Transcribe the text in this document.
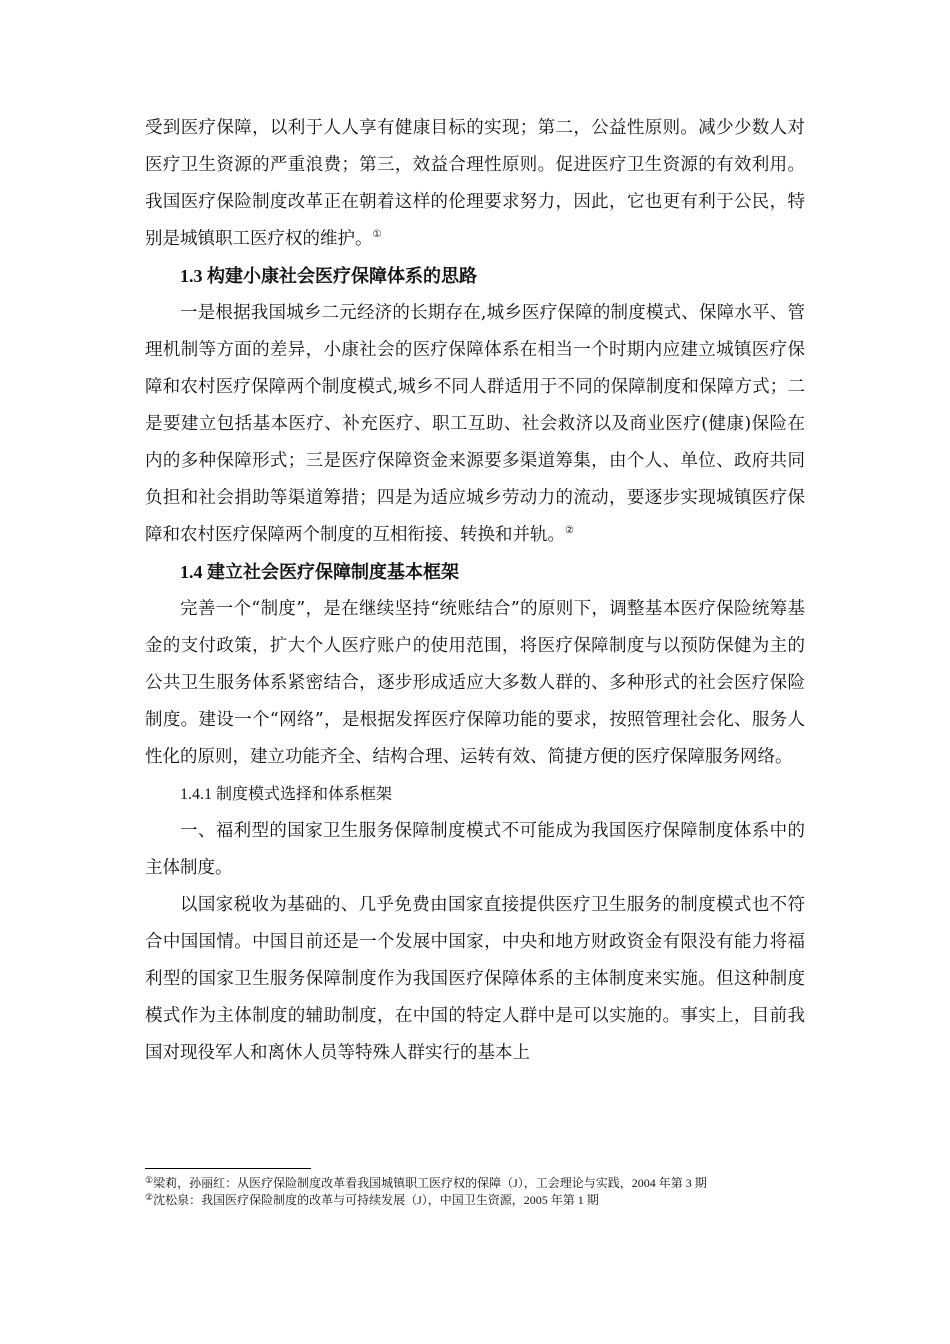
受到医疗保障，以利于人人享有健康目标的实现；第二，公益性原则。减少少数人对医疗卫生资源的严重浪费；第三，效益合理性原则。促进医疗卫生资源的有效利用。我国医疗保险制度改革正在朝着这样的伦理要求努力，因此，它也更有利于公民，特别是城镇职工医疗权的维护。①

1.3 构建小康社会医疗保障体系的思路

一是根据我国城乡二元经济的长期存在,城乡医疗保障的制度模式、保障水平、管理机制等方面的差异，小康社会的医疗保障体系在相当一个时期内应建立城镇医疗保障和农村医疗保障两个制度模式,城乡不同人群适用于不同的保障制度和保障方式；二是要建立包括基本医疗、补充医疗、职工互助、社会救济以及商业医疗(健康)保险在内的多种保障形式；三是医疗保障资金来源要多渠道筹集，由个人、单位、政府共同负担和社会捐助等渠道筹措；四是为适应城乡劳动力的流动，要逐步实现城镇医疗保障和农村医疗保障两个制度的互相衔接、转换和并轨。②

1.4 建立社会医疗保障制度基本框架

完善一个“制度”，是在继续坚持“统账结合”的原则下，调整基本医疗保险统筹基金的支付政策，扩大个人医疗账户的使用范围，将医疗保障制度与以预防保健为主的公共卫生服务体系紧密结合，逐步形成适应大多数人群的、多种形式的社会医疗保险制度。建设一个“网络”，是根据发挥医疗保障功能的要求，按照管理社会化、服务人性化的原则，建立功能齐全、结构合理、运转有效、简捷方便的医疗保障服务网络。

1.4.1 制度模式选择和体系框架

一、福利型的国家卫生服务保障制度模式不可能成为我国医疗保障制度体系中的主体制度。

以国家税收为基础的、几乎免费由国家直接提供医疗卫生服务的制度模式也不符合中国国情。中国目前还是一个发展中国家，中央和地方财政资金有限没有能力将福利型的国家卫生服务保障制度作为我国医疗保障体系的主体制度来实施。但这种制度模式作为主体制度的辅助制度，在中国的特定人群中是可以实施的。事实上，目前我国对现役军人和离休人员等特殊人群实行的基本上

①梁莉，孙丽红：从医疗保险制度改革看我国城镇职工医疗权的保障（J），工会理论与实践，2004 年第 3 期

②沈松泉：我国医疗保险制度的改革与可持续发展（J），中国卫生资源，2005 年第 1 期
